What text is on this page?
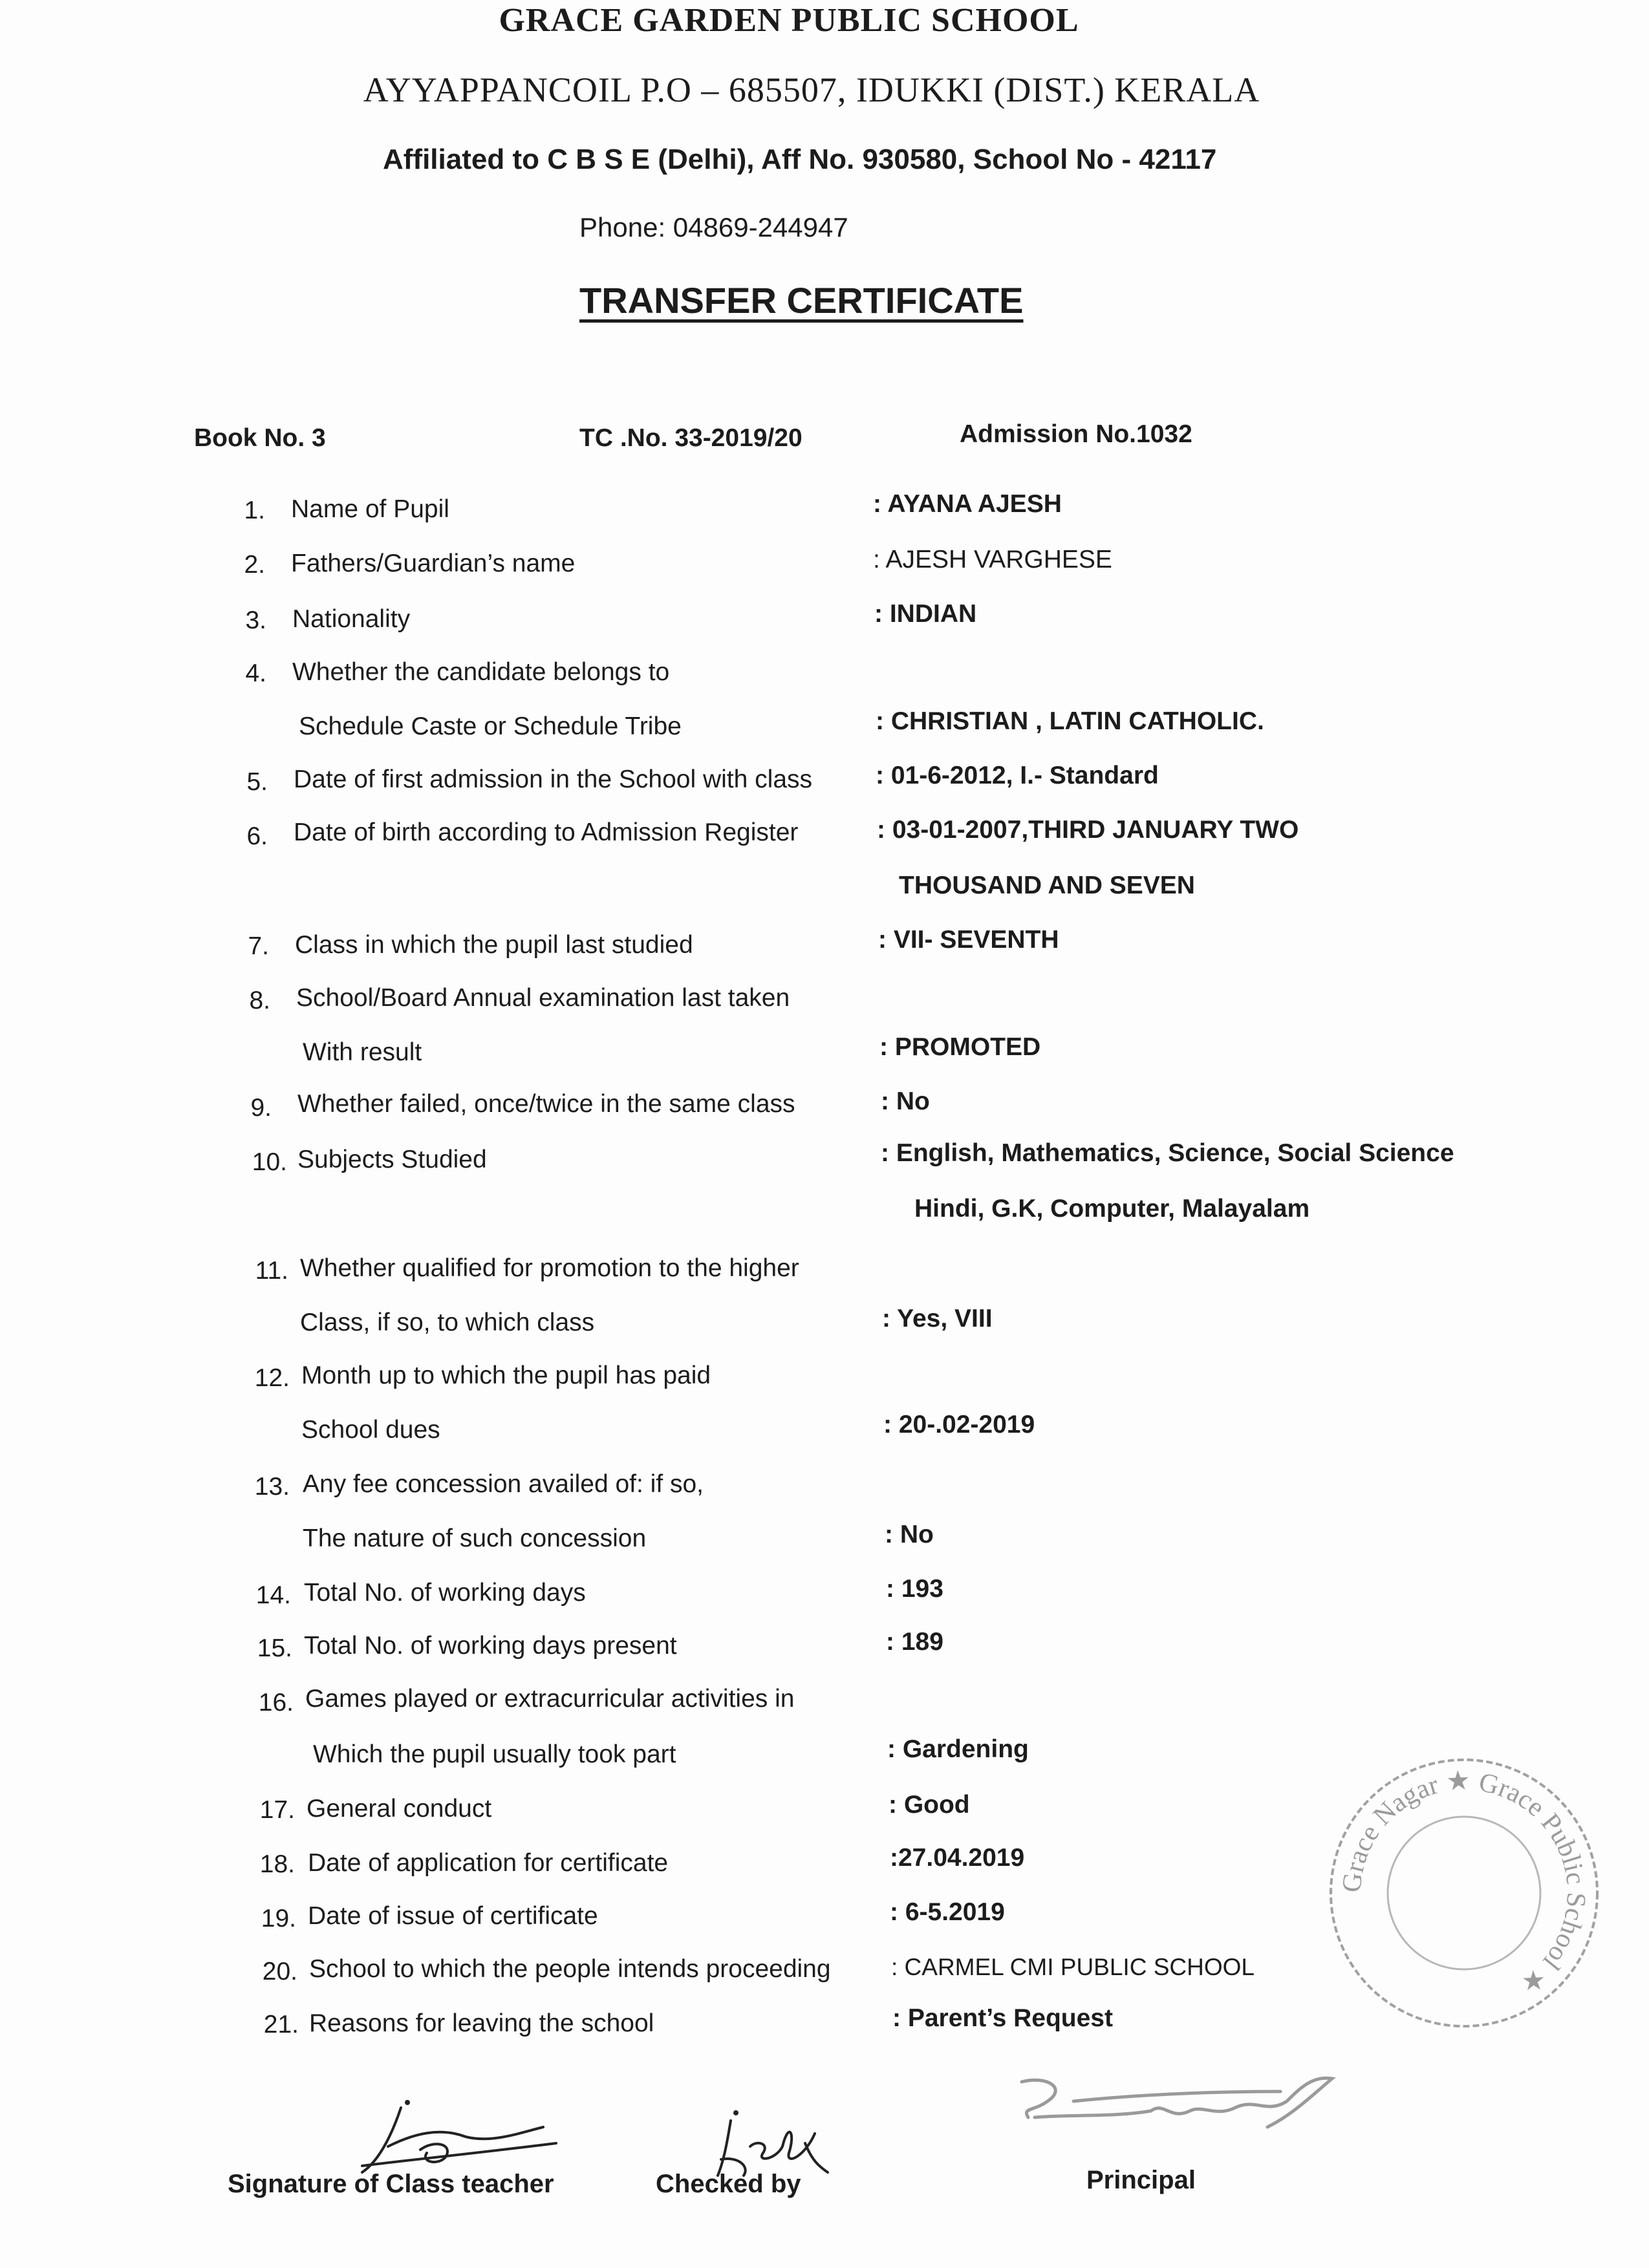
GRACE GARDEN PUBLIC SCHOOL
AYYAPPANCOIL P.O – 685507, IDUKKI (DIST.) KERALA
Affiliated to C B S E (Delhi), Aff No. 930580, School No - 42117
Phone: 04869-244947
TRANSFER CERTIFICATE
Book No. 3	TC .No. 33-2019/20	Admission No.1032
1. Name of Pupil	: AYANA AJESH
2. Fathers/Guardian’s name	: AJESH VARGHESE
3. Nationality	: INDIAN
4. Whether the candidate belongs to
Schedule Caste or Schedule Tribe	: CHRISTIAN , LATIN CATHOLIC.
5. Date of first admission in the School with class	: 01-6-2012, I.- Standard
6. Date of birth according to Admission Register	: 03-01-2007,THIRD JANUARY TWO
THOUSAND AND SEVEN
7. Class in which the pupil last studied	: VII- SEVENTH
8. School/Board Annual examination last taken
With result	: PROMOTED
9. Whether failed, once/twice in the same class	: No
10. Subjects Studied	: English, Mathematics, Science, Social Science
Hindi, G.K, Computer, Malayalam
11. Whether qualified for promotion to the higher
Class, if so, to which class	: Yes, VIII
12. Month up to which the pupil has paid
School dues	: 20-.02-2019
13. Any fee concession availed of: if so,
The nature of such concession	: No
14. Total No. of working days	: 193
15. Total No. of working days present	: 189
16. Games played or extracurricular activities in
Which the pupil usually took part	: Gardening
17. General conduct	: Good
18. Date of application for certificate	:27.04.2019
19. Date of issue of certificate	: 6-5.2019
20. School to which the people intends proceeding	: CARMEL CMI PUBLIC SCHOOL
21. Reasons for leaving the school	: Parent’s Request
Grace Nagar ★ Grace Public School ★
Signature of Class teacher	Checked by	Principal
